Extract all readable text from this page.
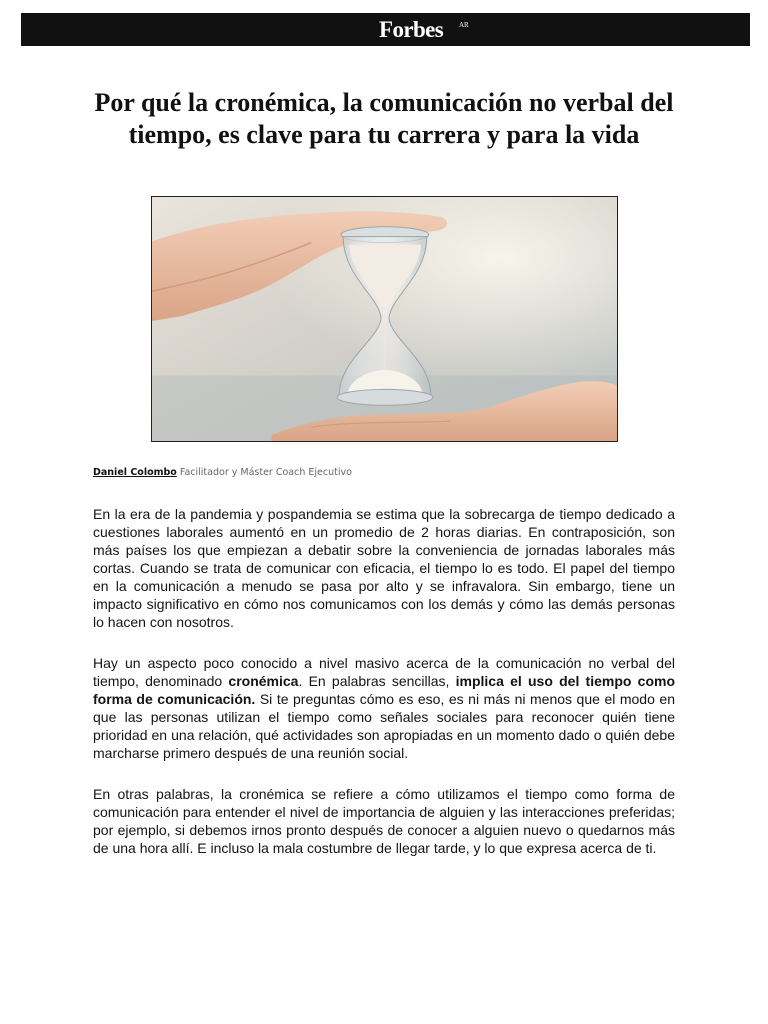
Forbes AR
Por qué la cronémica, la comunicación no verbal del tiempo, es clave para tu carrera y para la vida
Daniel Colombo Facilitador y Máster Coach Ejecutivo

En la era de la pandemia y pospandemia se estima que la sobrecarga de tiempo dedicado a cuestiones laborales aumentó en un promedio de 2 horas diarias. En contraposición, son más países los que empiezan a debatir sobre la conveniencia de jornadas laborales más cortas. Cuando se trata de comunicar con eficacia, el tiempo lo es todo. El papel del tiempo en la comunicación a menudo se pasa por alto y se infravalora. Sin embargo, tiene un impacto significativo en cómo nos comunicamos con los demás y cómo las demás personas lo hacen con nosotros.

Hay un aspecto poco conocido a nivel masivo acerca de la comunicación no verbal del tiempo, denominado cronémica. En palabras sencillas, implica el uso del tiempo como forma de comunicación. Si te preguntas cómo es eso, es ni más ni menos que el modo en que las personas utilizan el tiempo como señales sociales para reconocer quién tiene prioridad en una relación, qué actividades son apropiadas en un momento dado o quién debe marcharse primero después de una reunión social.

En otras palabras, la cronémica se refiere a cómo utilizamos el tiempo como forma de comunicación para entender el nivel de importancia de alguien y las interacciones preferidas; por ejemplo, si debemos irnos pronto después de conocer a alguien nuevo o quedarnos más de una hora allí. E incluso la mala costumbre de llegar tarde, y lo que expresa acerca de ti.
